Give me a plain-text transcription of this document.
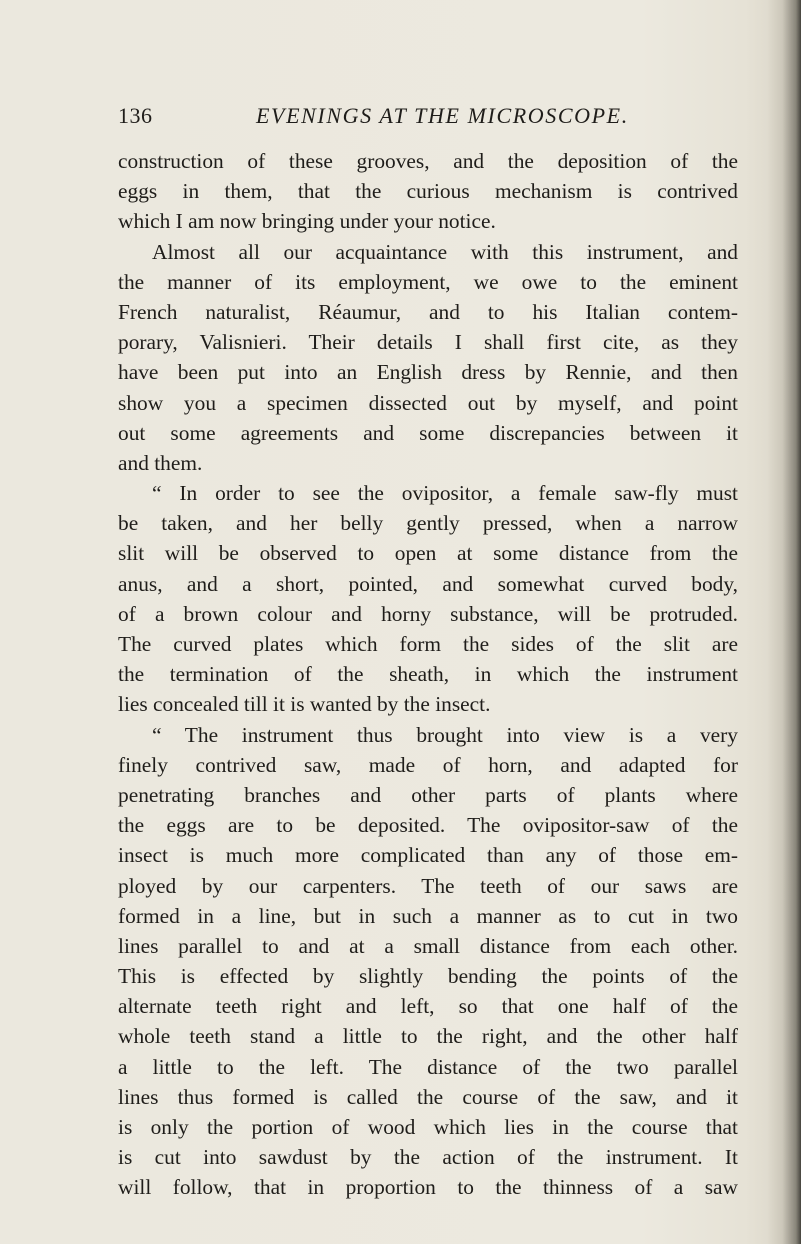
136	EVENINGS AT THE MICROSCOPE.
construction of these grooves, and the deposition of the
eggs in them, that the curious mechanism is contrived
which I am now bringing under your notice.
Almost all our acquaintance with this instrument, and
the manner of its employment, we owe to the eminent
French naturalist, Réaumur, and to his Italian contem-
porary, Valisnieri. Their details I shall first cite, as they
have been put into an English dress by Rennie, and then
show you a specimen dissected out by myself, and point
out some agreements and some discrepancies between it
and them.
“ In order to see the ovipositor, a female saw-fly must
be taken, and her belly gently pressed, when a narrow
slit will be observed to open at some distance from the
anus, and a short, pointed, and somewhat curved body,
of a brown colour and horny substance, will be protruded.
The curved plates which form the sides of the slit are
the termination of the sheath, in which the instrument
lies concealed till it is wanted by the insect.
“ The instrument thus brought into view is a very
finely contrived saw, made of horn, and adapted for
penetrating branches and other parts of plants where
the eggs are to be deposited. The ovipositor-saw of the
insect is much more complicated than any of those em-
ployed by our carpenters. The teeth of our saws are
formed in a line, but in such a manner as to cut in two
lines parallel to and at a small distance from each other.
This is effected by slightly bending the points of the
alternate teeth right and left, so that one half of the
whole teeth stand a little to the right, and the other half
a little to the left. The distance of the two parallel
lines thus formed is called the course of the saw, and it
is only the portion of wood which lies in the course that
is cut into sawdust by the action of the instrument. It
will follow, that in proportion to the thinness of a saw
